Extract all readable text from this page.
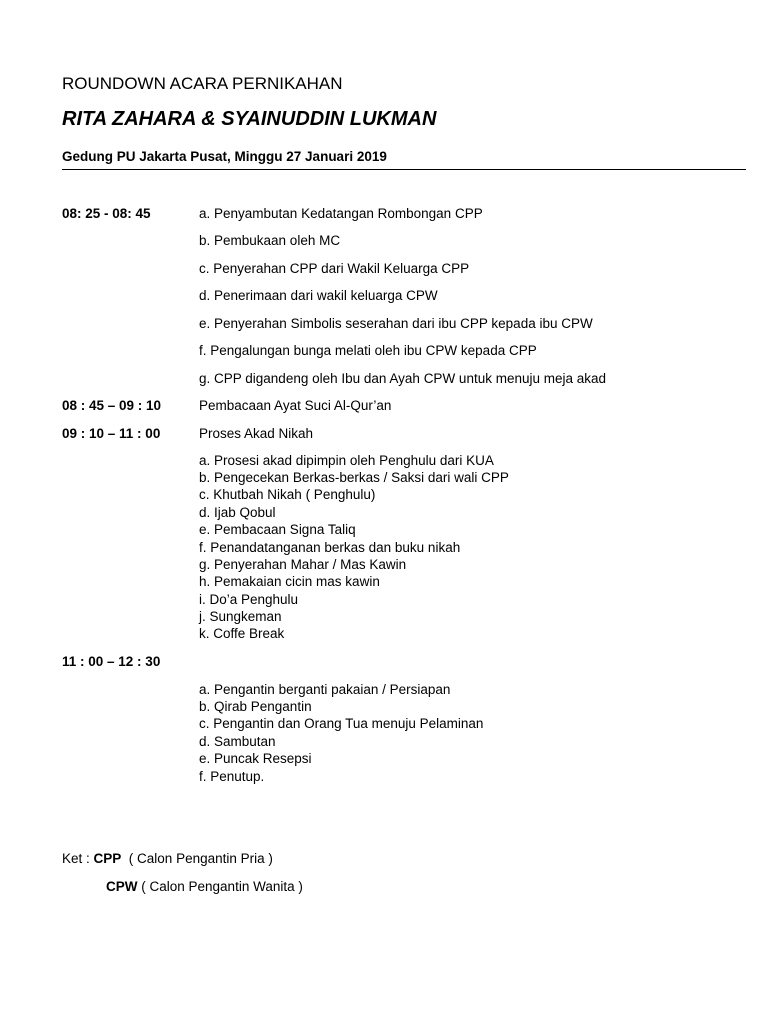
ROUNDOWN ACARA PERNIKAHAN
RITA ZAHARA & SYAINUDDIN LUKMAN
Gedung PU Jakarta Pusat, Minggu 27 Januari 2019
08: 25 - 08: 45	a. Penyambutan Kedatangan Rombongan CPP
b. Pembukaan oleh MC
c. Penyerahan CPP dari Wakil Keluarga CPP
d. Penerimaan dari wakil keluarga CPW
e. Penyerahan Simbolis seserahan dari ibu CPP kepada ibu CPW
f. Pengalungan bunga melati oleh ibu CPW kepada CPP
g. CPP digandeng oleh Ibu dan Ayah CPW untuk menuju meja akad
08 : 45 – 09 : 10	Pembacaan Ayat Suci Al-Qur’an
09 : 10 – 11 : 00	Proses Akad Nikah
a. Prosesi akad dipimpin oleh Penghulu dari KUA
b. Pengecekan Berkas-berkas / Saksi dari wali CPP
c. Khutbah Nikah ( Penghulu)
d. Ijab Qobul
e. Pembacaan Signa Taliq
f. Penandatanganan berkas dan buku nikah
g. Penyerahan Mahar / Mas Kawin
h. Pemakaian cicin mas kawin
i. Do’a Penghulu
j. Sungkeman
k. Coffe Break
11 : 00 – 12 : 30
a. Pengantin berganti pakaian / Persiapan
b. Qirab Pengantin
c. Pengantin dan Orang Tua menuju Pelaminan
d. Sambutan
e. Puncak Resepsi
f. Penutup.
Ket : CPP  ( Calon Pengantin Pria )
CPW ( Calon Pengantin Wanita )
